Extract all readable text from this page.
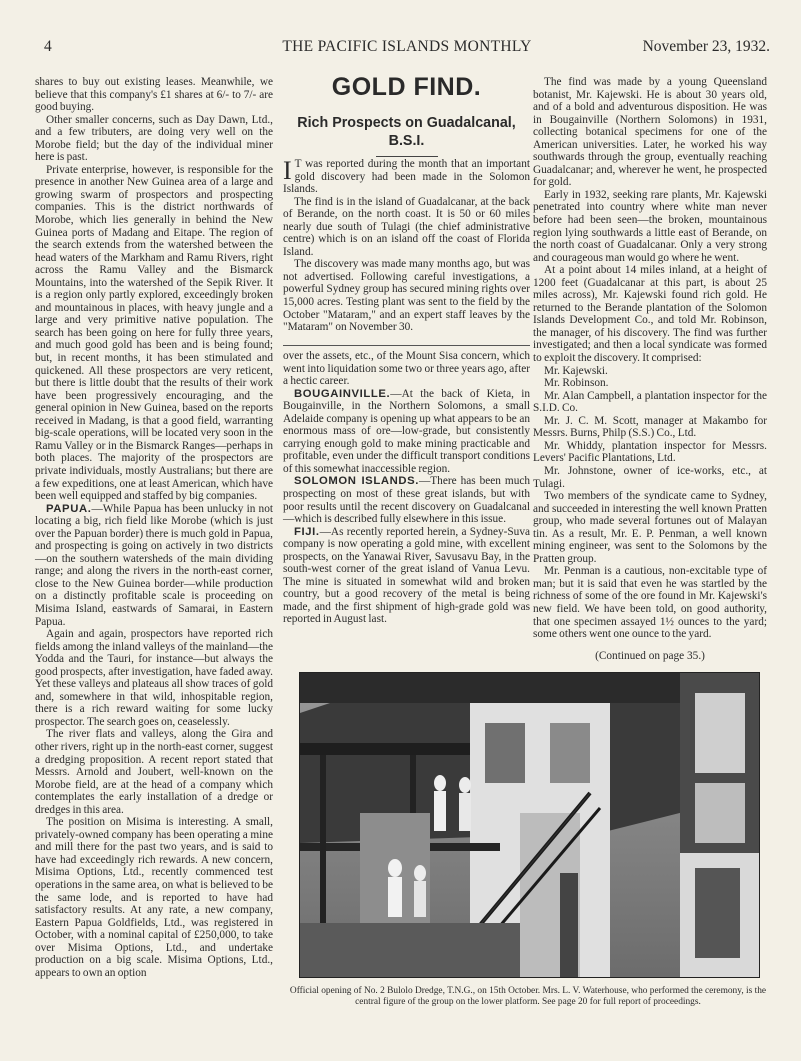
4	THE PACIFIC ISLANDS MONTHLY	November 23, 1932.

shares to buy out existing leases. Meanwhile, we believe that this company's £1 shares at 6/- to 7/- are good buying.

Other smaller concerns, such as Day Dawn, Ltd., and a few tributers, are doing very well on the Morobe field; but the day of the individual miner here is past.

Private enterprise, however, is responsible for the presence in another New Guinea area of a large and growing swarm of prospectors and prospecting companies. This is the district northwards of Morobe, which lies generally in behind the New Guinea ports of Madang and Eitape. The region of the search extends from the watershed between the head waters of the Markham and Ramu Rivers, right across the Ramu Valley and the Bismarck Mountains, into the watershed of the Sepik River. It is a region only partly explored, exceedingly broken and mountainous in places, with heavy jungle and a large and very primitive native population. The search has been going on here for fully three years, and much good gold has been and is being found; but, in recent months, it has been stimulated and quickened. All these prospectors are very reticent, but there is little doubt that the results of their work have been progressively encouraging, and the general opinion in New Guinea, based on the reports received in Madang, is that a good field, warranting big-scale operations, will be located very soon in the Ramu Valley or in the Bismarck Ranges—perhaps in both places. The majority of the prospectors are private individuals, mostly Australians; but there are a few expeditions, one at least American, which have been well equipped and staffed by big companies.

PAPUA.—While Papua has been unlucky in not locating a big, rich field like Morobe (which is just over the Papuan border) there is much gold in Papua, and prospecting is going on actively in two districts—on the southern watersheds of the main dividing range; and along the rivers in the north-east corner, close to the New Guinea border—while production on a distinctly profitable scale is proceeding on Misima Island, eastwards of Samarai, in Eastern Papua.

Again and again, prospectors have reported rich fields among the inland valleys of the mainland—the Yodda and the Tauri, for instance—but always the good prospects, after investigation, have faded away. Yet these valleys and plateaus all show traces of gold and, somewhere in that wild, inhospitable region, there is a rich reward waiting for some lucky prospector. The search goes on, ceaselessly.

The river flats and valleys, along the Gira and other rivers, right up in the north-east corner, suggest a dredging proposition. A recent report stated that Messrs. Arnold and Joubert, well-known on the Morobe field, are at the head of a company which contemplates the early installation of a dredge or dredges in this area.

The position on Misima is interesting. A small, privately-owned company has been operating a mine and mill there for the past two years, and is said to have had exceedingly rich rewards. A new concern, Misima Options, Ltd., recently commenced test operations in the same area, on what is believed to be the same lode, and is reported to have had satisfactory results. At any rate, a new company, Eastern Papua Goldfields, Ltd., was registered in October, with a nominal capital of £250,000, to take over Misima Options, Ltd., and undertake production on a big scale. Misima Options, Ltd., appears to own an option

GOLD FIND.
Rich Prospects on Guadalcanal, B.S.I.

I T was reported during the month that an important gold discovery had been made in the Solomon Islands.

The find is in the island of Guadalcanar, at the back of Berande, on the north coast. It is 50 or 60 miles nearly due south of Tulagi (the chief administrative centre) which is on an island off the coast of Florida Island.

The discovery was made many months ago, but was not advertised. Following careful investigations, a powerful Sydney group has secured mining rights over 15,000 acres. Testing plant was sent to the field by the October "Mataram," and an expert staff leaves by the "Mataram" on November 30.

over the assets, etc., of the Mount Sisa concern, which went into liquidation some two or three years ago, after a hectic career.

BOUGAINVILLE.—At the back of Kieta, in Bougainville, in the Northern Solomons, a small Adelaide company is opening up what appears to be an enormous mass of ore—low-grade, but consistently carrying enough gold to make mining practicable and profitable, even under the difficult transport conditions of this somewhat inaccessible region.

SOLOMON ISLANDS.—There has been much prospecting on most of these great islands, but with poor results until the recent discovery on Guadalcanal—which is described fully elsewhere in this issue.

FIJI.—As recently reported herein, a Sydney-Suva company is now operating a gold mine, with excellent prospects, on the Yanawai River, Savusavu Bay, in the south-west corner of the great island of Vanua Levu. The mine is situated in somewhat wild and broken country, but a good recovery of the metal is being made, and the first shipment of high-grade gold was reported in August last.

The find was made by a young Queensland botanist, Mr. Kajewski. He is about 30 years old, and of a bold and adventurous disposition. He was in Bougainville (Northern Solomons) in 1931, collecting botanical specimens for one of the American universities. Later, he worked his way southwards through the group, eventually reaching Guadalcanar; and, wherever he went, he prospected for gold.

Early in 1932, seeking rare plants, Mr. Kajewski penetrated into country where white man never before had been seen—the broken, mountainous region lying southwards a little east of Berande, on the north coast of Guadalcanar. Only a very strong and courageous man would go where he went.

At a point about 14 miles inland, at a height of 1200 feet (Guadalcanar at this part, is about 25 miles across), Mr. Kajewski found rich gold. He returned to the Berande plantation of the Solomon Islands Development Co., and told Mr. Robinson, the manager, of his discovery. The find was further investigated; and then a local syndicate was formed to exploit the discovery. It comprised:

Mr. Kajewski.

Mr. Robinson.

Mr. Alan Campbell, a plantation inspector for the S.I.D. Co.

Mr. J. C. M. Scott, manager at Makambo for Messrs. Burns, Philp (S.S.) Co., Ltd.

Mr. Whiddy, plantation inspector for Messrs. Levers' Pacific Plantations, Ltd.

Mr. Johnstone, owner of ice-works, etc., at Tulagi.

Two members of the syndicate came to Sydney, and succeeded in interesting the well known Pratten group, who made several fortunes out of Malayan tin. As a result, Mr. E. P. Penman, a well known mining engineer, was sent to the Solomons by the Pratten group.

Mr. Penman is a cautious, non-excitable type of man; but it is said that even he was startled by the richness of some of the ore found in Mr. Kajewski's new field. We have been told, on good authority, that one specimen assayed 1½ ounces to the yard; some others went one ounce to the yard.

(Continued on page 35.)
Official opening of No. 2 Bulolo Dredge, T.N.G., on 15th October. Mrs. L. V. Waterhouse, who performed the ceremony, is the central figure of the group on the lower platform. See page 20 for full report of proceedings.
